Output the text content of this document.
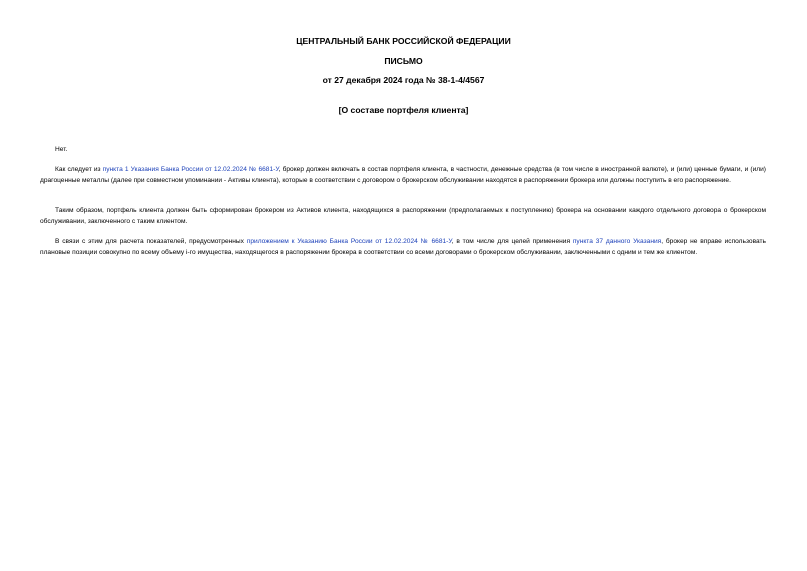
ЦЕНТРАЛЬНЫЙ БАНК РОССИЙСКОЙ ФЕДЕРАЦИИ
ПИСЬМО
от 27 декабря 2024 года № 38-1-4/4567
[О составе портфеля клиента]

Нет.

Как следует из пункта 1 Указания Банка России от 12.02.2024 № 6681-У, брокер должен включать в состав портфеля клиента, в частности, денежные средства (в том числе в иностранной валюте), и (или) ценные бумаги, и (или) драгоценные металлы (далее при совместном упоминании - Активы клиента), которые в соответствии с договором о брокерском обслуживании находятся в распоряжении брокера или должны поступить в его распоряжение.

Таким образом, портфель клиента должен быть сформирован брокером из Активов клиента, находящихся в распоряжении (предполагаемых к поступлению) брокера на основании каждого отдельного договора о брокерском обслуживании, заключенного с таким клиентом.

В связи с этим для расчета показателей, предусмотренных приложением к Указанию Банка России от 12.02.2024 № 6681-У, в том числе для целей применения пункта 37 данного Указания, брокер не вправе использовать плановые позиции совокупно по всему объему i-го имущества, находящегося в распоряжении брокера в соответствии со всеми договорами о брокерском обслуживании, заключенными с одним и тем же клиентом.
